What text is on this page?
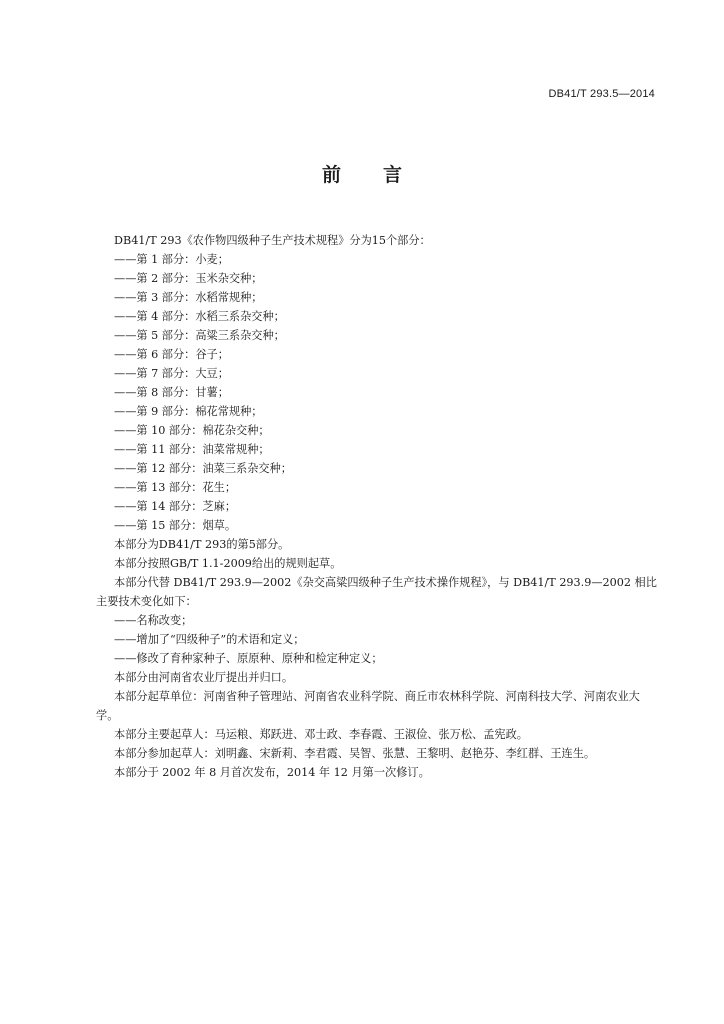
DB41/T 293.5—2014
前 言

DB41/T 293《农作物四级种子生产技术规程》分为15个部分：

——第 1 部分：小麦；

——第 2 部分：玉米杂交种；

——第 3 部分：水稻常规种；

——第 4 部分：水稻三系杂交种；

——第 5 部分：高粱三系杂交种；

——第 6 部分：谷子；

——第 7 部分：大豆；

——第 8 部分：甘薯；

——第 9 部分：棉花常规种；

——第 10 部分：棉花杂交种；

——第 11 部分：油菜常规种；

——第 12 部分：油菜三系杂交种；

——第 13 部分：花生；

——第 14 部分：芝麻；

——第 15 部分：烟草。

本部分为DB41/T 293的第5部分。

本部分按照GB/T 1.1-2009给出的规则起草。

本部分代替 DB41/T 293.9—2002《杂交高粱四级种子生产技术操作规程》，与 DB41/T 293.9—2002 相比主要技术变化如下：

——名称改变；

——增加了“四级种子”的术语和定义；

——修改了育种家种子、原原种、原种和检定种定义；

本部分由河南省农业厅提出并归口。

本部分起草单位：河南省种子管理站、河南省农业科学院、商丘市农林科学院、河南科技大学、河南农业大学。

本部分主要起草人：马运粮、郑跃进、邓士政、李春霞、王淑俭、张万松、孟宪政。

本部分参加起草人：刘明鑫、宋新莉、李君霞、吴智、张慧、王黎明、赵艳芬、李红群、王连生。

本部分于 2002 年 8 月首次发布，2014 年 12 月第一次修订。
